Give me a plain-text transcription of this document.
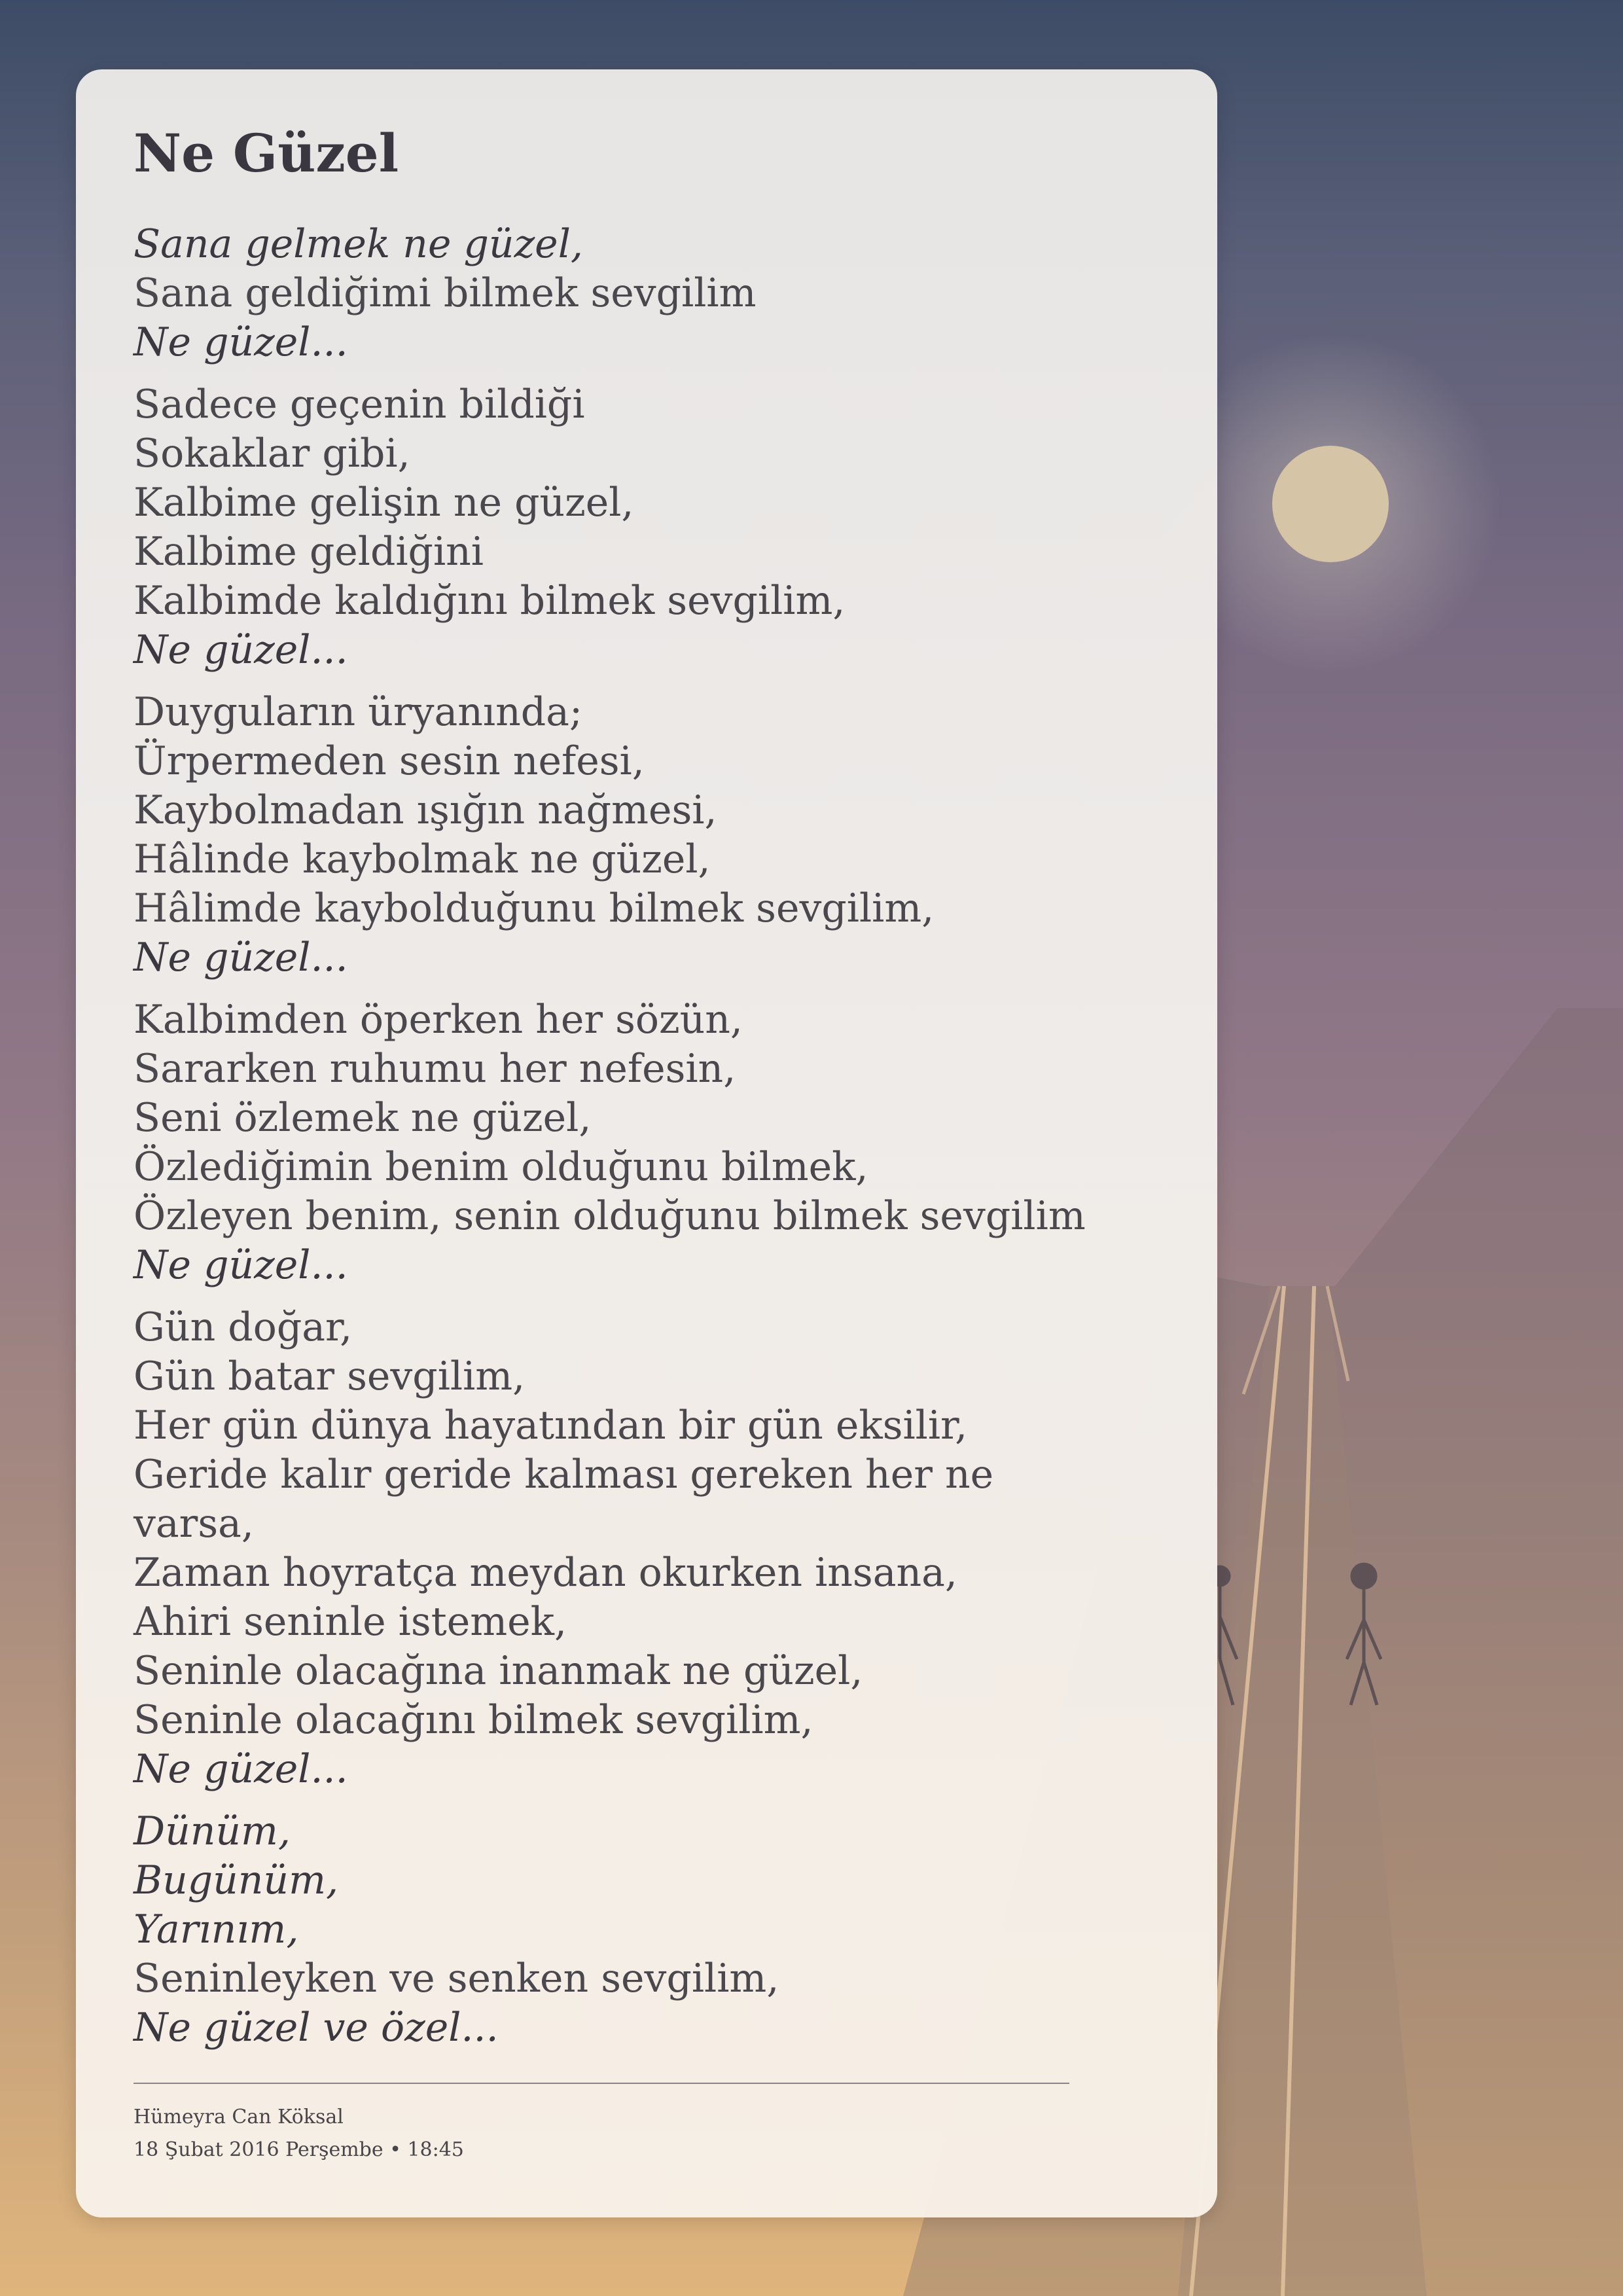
Ne Güzel
Sana gelmek ne güzel,
Sana geldiğimi bilmek sevgilim
Ne güzel...
Sadece geçenin bildiği
Sokaklar gibi,
Kalbime gelişin ne güzel,
Kalbime geldiğini
Kalbimde kaldığını bilmek sevgilim,
Ne güzel...
Duyguların üryanında;
Ürpermeden sesin nefesi,
Kaybolmadan ışığın nağmesi,
Hâlinde kaybolmak ne güzel,
Hâlimde kaybolduğunu bilmek sevgilim,
Ne güzel...
Kalbimden öperken her sözün,
Sararken ruhumu her nefesin,
Seni özlemek ne güzel,
Özlediğimin benim olduğunu bilmek,
Özleyen benim, senin olduğunu bilmek sevgilim
Ne güzel...
Gün doğar,
Gün batar sevgilim,
Her gün dünya hayatından bir gün eksilir,
Geride kalır geride kalması gereken her ne
varsa,
Zaman hoyratça meydan okurken insana,
Ahiri seninle istemek,
Seninle olacağına inanmak ne güzel,
Seninle olacağını bilmek sevgilim,
Ne güzel...
Dünüm,
Bugünüm,
Yarınım,
Seninleyken ve senken sevgilim,
Ne güzel ve özel...
Hümeyra Can Köksal
18 Şubat 2016 Perşembe • 18:45
